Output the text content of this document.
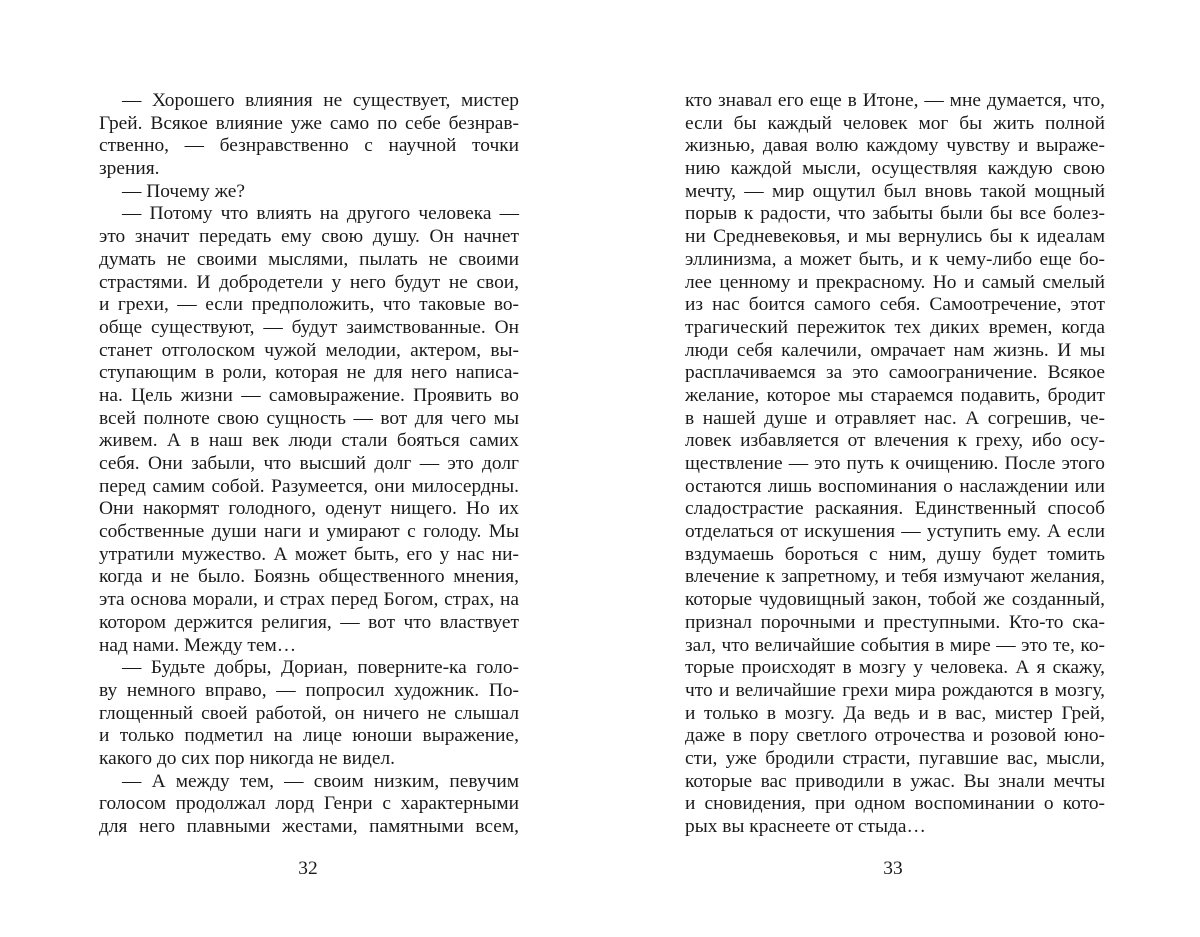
— Хорошего влияния не существует, мистер
Грей. Всякое влияние уже само по себе безнрав-
ственно, — безнравственно с научной точки
зрения.
— Почему же?
— Потому что влиять на другого человека —
это значит передать ему свою душу. Он начнет
думать не своими мыслями, пылать не своими
страстями. И добродетели у него будут не свои,
и грехи, — если предположить, что таковые во-
обще существуют, — будут заимствованные. Он
станет отголоском чужой мелодии, актером, вы-
ступающим в роли, которая не для него написа-
на. Цель жизни — самовыражение. Проявить во
всей полноте свою сущность — вот для чего мы
живем. А в наш век люди стали бояться самих
себя. Они забыли, что высший долг — это долг
перед самим собой. Разумеется, они милосердны.
Они накормят голодного, оденут нищего. Но их
собственные души наги и умирают с голоду. Мы
утратили мужество. А может быть, его у нас ни-
когда и не было. Боязнь общественного мнения,
эта основа морали, и страх перед Богом, страх, на
котором держится религия, — вот что властвует
над нами. Между тем…
— Будьте добры, Дориан, поверните-ка голо-
ву немного вправо, — попросил художник. По-
глощенный своей работой, он ничего не слышал
и только подметил на лице юноши выражение,
какого до сих пор никогда не видел.
— А между тем, — своим низким, певучим
голосом продолжал лорд Генри с характерными
для него плавными жестами, памятными всем,
кто знавал его еще в Итоне, — мне думается, что,
если бы каждый человек мог бы жить полной
жизнью, давая волю каждому чувству и выраже-
нию каждой мысли, осуществляя каждую свою
мечту, — мир ощутил был вновь такой мощный
порыв к радости, что забыты были бы все болез-
ни Средневековья, и мы вернулись бы к идеалам
эллинизма, а может быть, и к чему-либо еще бо-
лее ценному и прекрасному. Но и самый смелый
из нас боится самого себя. Самоотречение, этот
трагический пережиток тех диких времен, когда
люди себя калечили, омрачает нам жизнь. И мы
расплачиваемся за это самоограничение. Всякое
желание, которое мы стараемся подавить, бродит
в нашей душе и отравляет нас. А согрешив, че-
ловек избавляется от влечения к греху, ибо осу-
ществление — это путь к очищению. После этого
остаются лишь воспоминания о наслаждении или
сладострастие раскаяния. Единственный способ
отделаться от искушения — уступить ему. А если
вздумаешь бороться с ним, душу будет томить
влечение к запретному, и тебя измучают желания,
которые чудовищный закон, тобой же созданный,
признал порочными и преступными. Кто-то ска-
зал, что величайшие события в мире — это те, ко-
торые происходят в мозгу у человека. А я скажу,
что и величайшие грехи мира рождаются в мозгу,
и только в мозгу. Да ведь и в вас, мистер Грей,
даже в пору светлого отрочества и розовой юно-
сти, уже бродили страсти, пугавшие вас, мысли,
которые вас приводили в ужас. Вы знали мечты
и сновидения, при одном воспоминании о кото-
рых вы краснеете от стыда…
32	33
